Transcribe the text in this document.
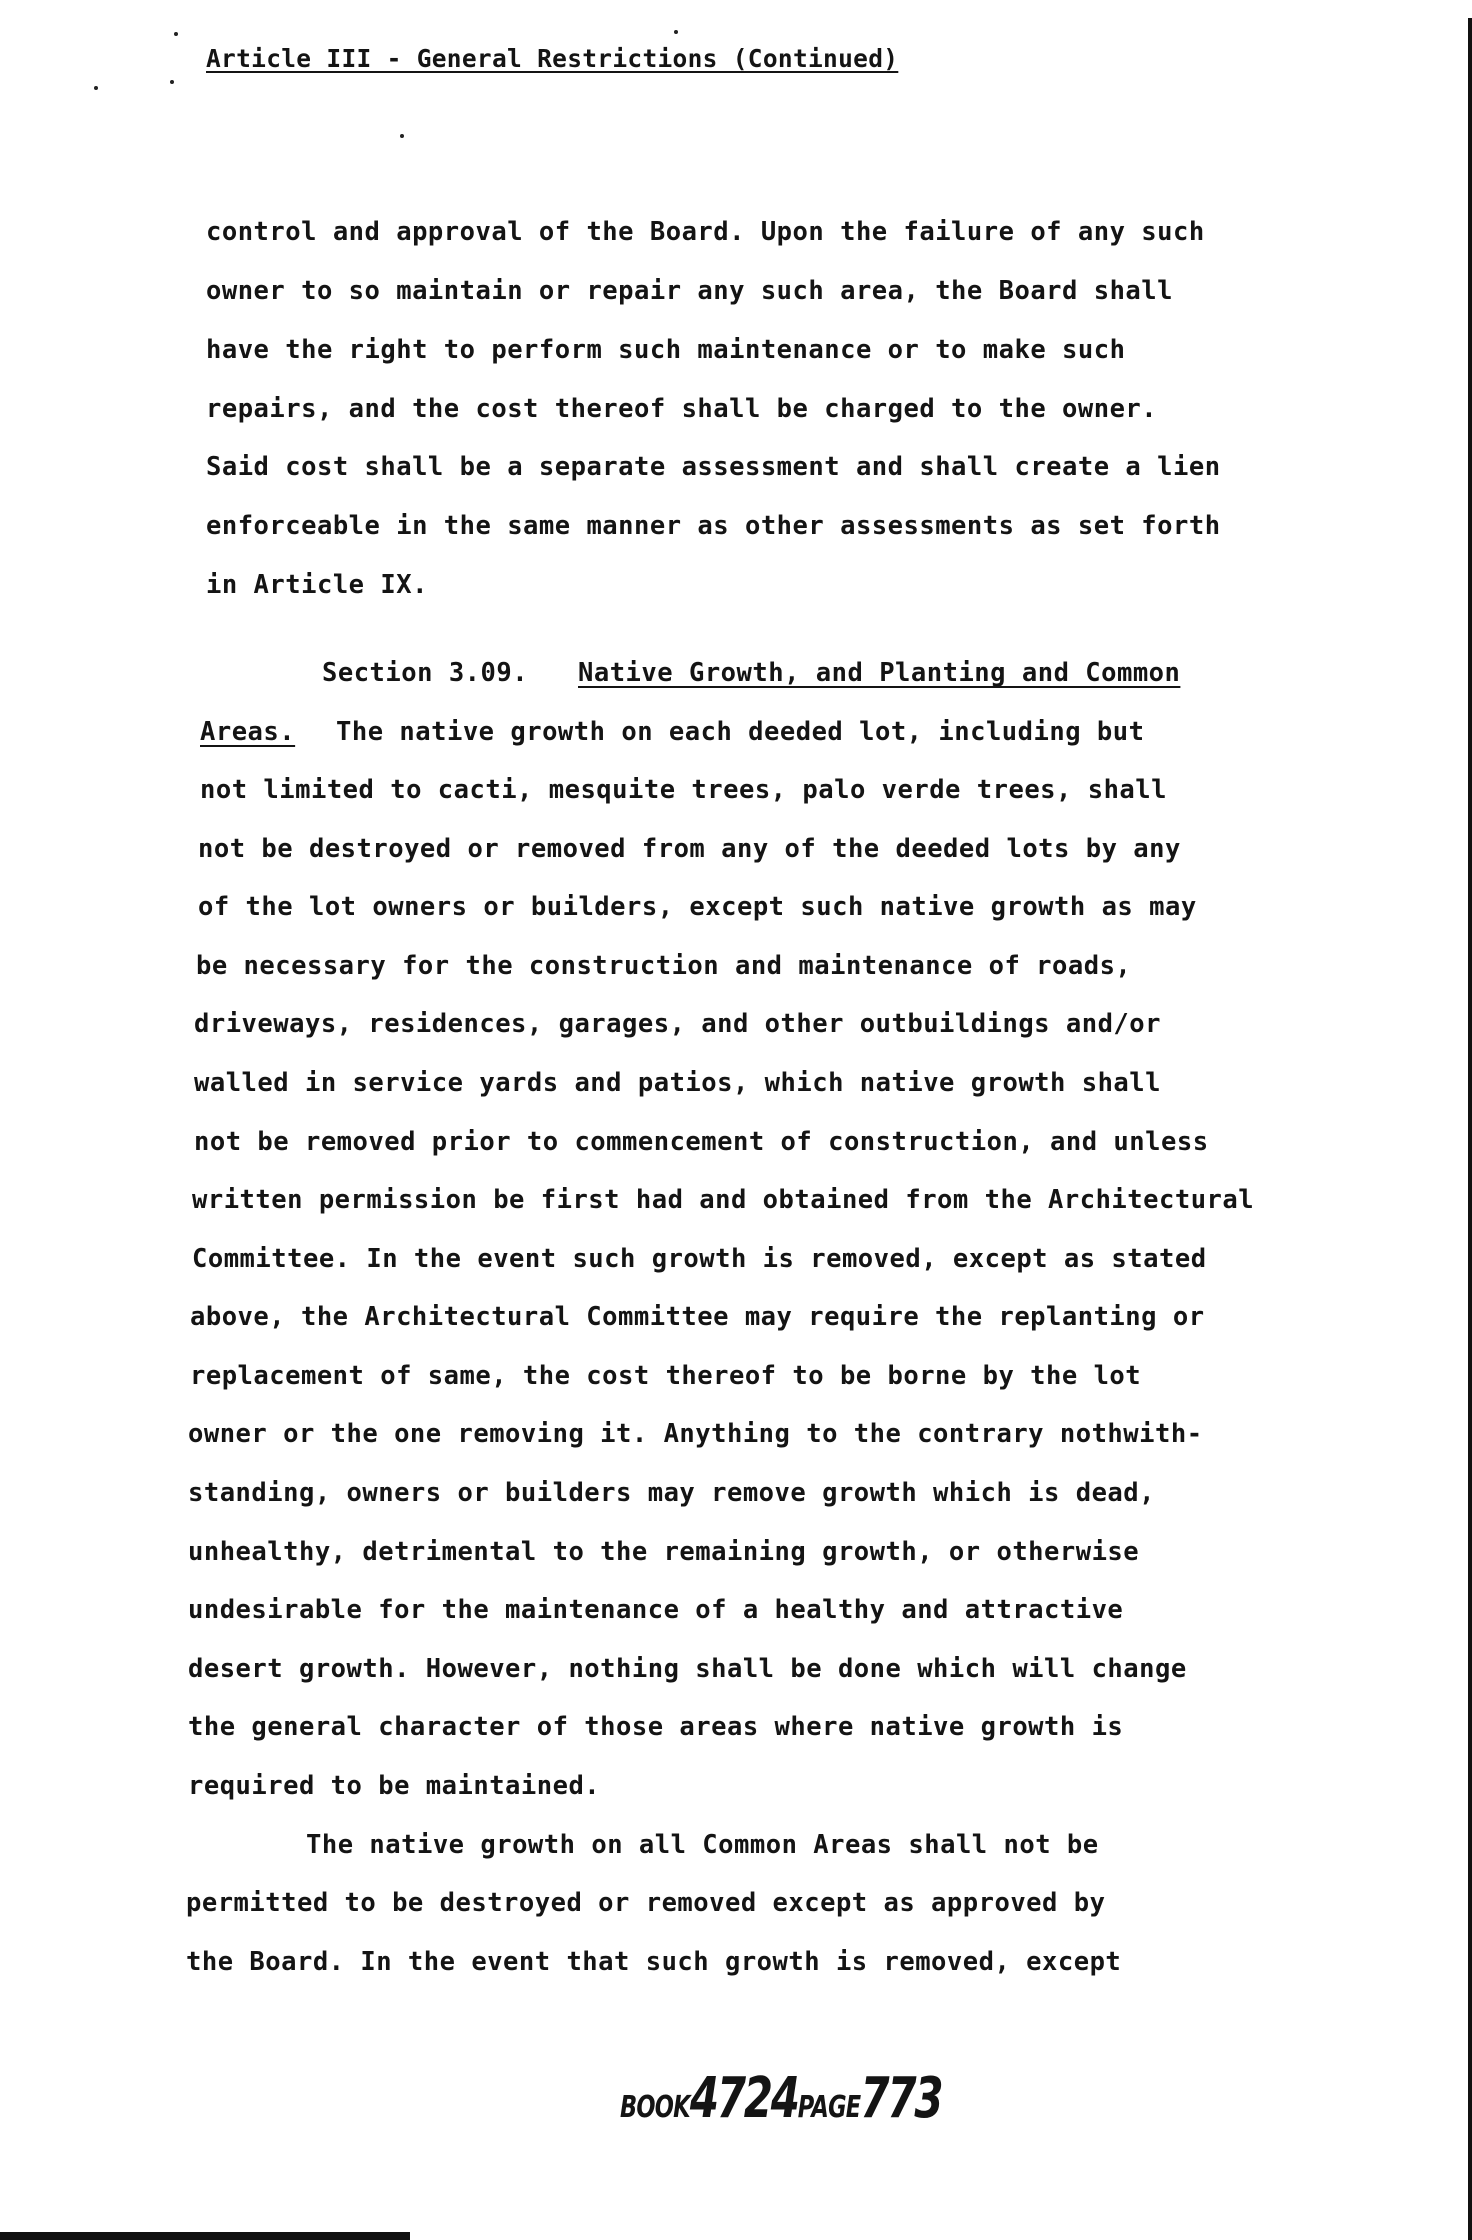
Article III - General Restrictions (Continued)
control and approval of the Board. Upon the failure of any such
owner to so maintain or repair any such area, the Board shall
have the right to perform such maintenance or to make such
repairs, and the cost thereof shall be charged to the owner.
Said cost shall be a separate assessment and shall create a lien
enforceable in the same manner as other assessments as set forth
in Article IX.
Section 3.09. Native Growth, and Planting and Common
Areas. The native growth on each deeded lot, including but
not limited to cacti, mesquite trees, palo verde trees, shall
not be destroyed or removed from any of the deeded lots by any
of the lot owners or builders, except such native growth as may
be necessary for the construction and maintenance of roads,
driveways, residences, garages, and other outbuildings and/or
walled in service yards and patios, which native growth shall
not be removed prior to commencement of construction, and unless
written permission be first had and obtained from the Architectural
Committee. In the event such growth is removed, except as stated
above, the Architectural Committee may require the replanting or
replacement of same, the cost thereof to be borne by the lot
owner or the one removing it. Anything to the contrary nothwith-
standing, owners or builders may remove growth which is dead,
unhealthy, detrimental to the remaining growth, or otherwise
undesirable for the maintenance of a healthy and attractive
desert growth. However, nothing shall be done which will change
the general character of those areas where native growth is
required to be maintained.
The native growth on all Common Areas shall not be
permitted to be destroyed or removed except as approved by
the Board. In the event that such growth is removed, except
BOOK4724PAGE773
